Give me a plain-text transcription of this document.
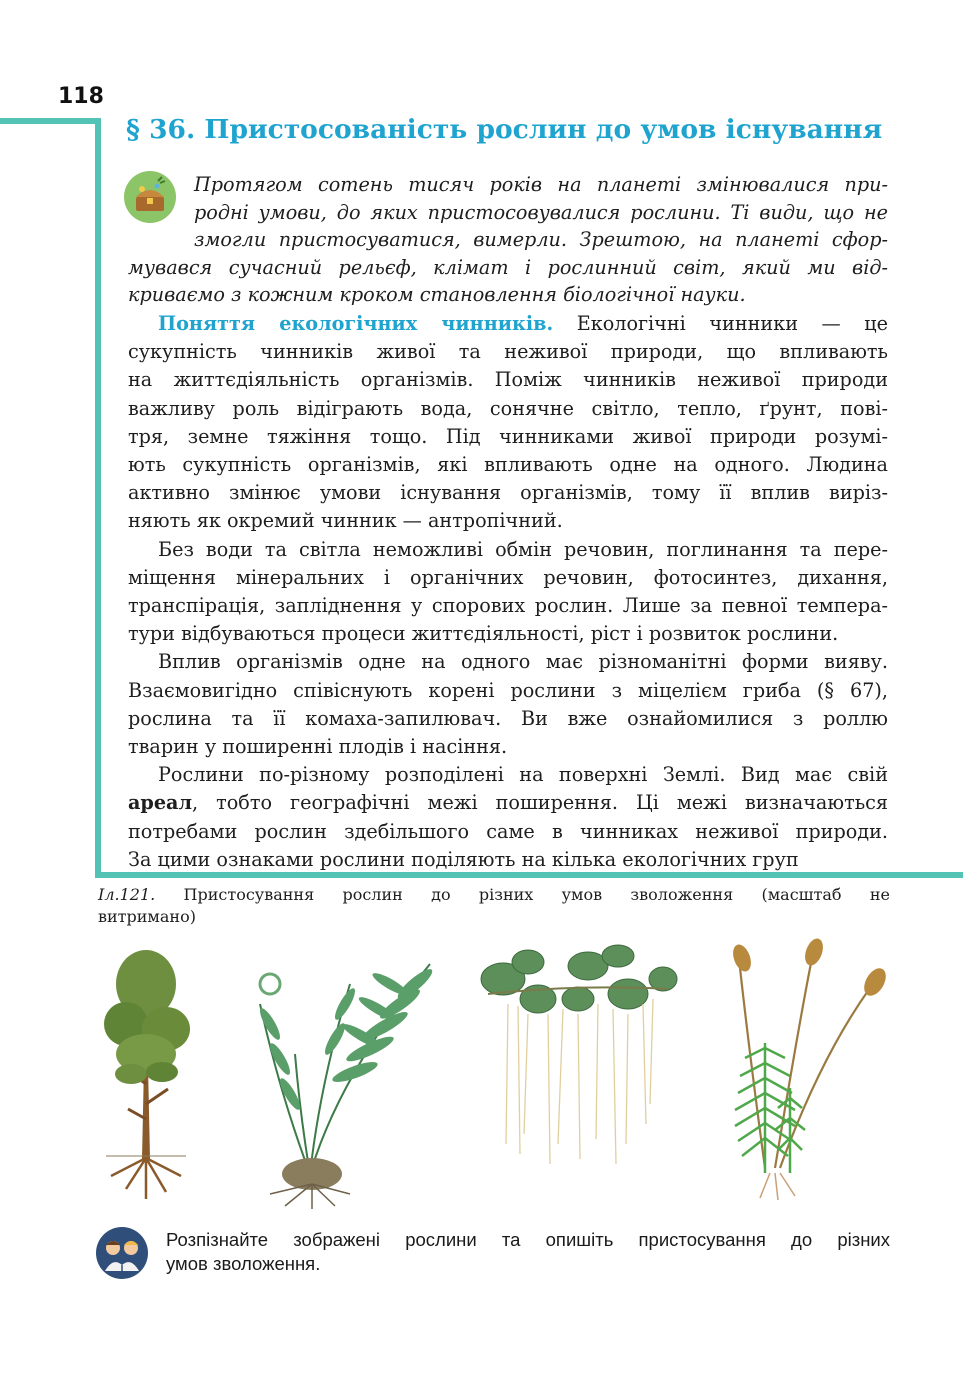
118
§ 36. Пристосованість рослин до умов існування
Протягом сотень тисяч років на планеті змінювалися при-
родні умови, до яких пристосовувалися рослини. Ті види, що не
змогли пристосуватися, вимерли. Зрештою, на планеті сфор-
мувався сучасний рельєф, клімат і рослинний світ, який ми від-
криваємо з кожним кроком становлення біологічної науки.
Поняття екологічних чинників. Екологічні чинники — це
сукупність чинників живої та неживої природи, що впливають
на життєдіяльність організмів. Поміж чинників неживої природи
важливу роль відіграють вода, сонячне світло, тепло, ґрунт, пові-
тря, земне тяжіння тощо. Під чинниками живої природи розумі-
ють сукупність організмів, які впливають одне на одного. Людина
активно змінює умови існування організмів, тому її вплив виріз-
няють як окремий чинник — антропічний.
Без води та світла неможливі обмін речовин, поглинання та пере-
міщення мінеральних і органічних речовин, фотосинтез, дихання,
транспірація, запліднення у спорових рослин. Лише за певної темпера-
тури відбуваються процеси життєдіяльності, ріст і розвиток рослини.
Вплив організмів одне на одного має різноманітні форми вияву.
Взаємовигідно співіснують корені рослини з міцелієм гриба (§ 67),
рослина та її комаха-запилювач. Ви вже ознайомилися з роллю
тварин у поширенні плодів і насіння.
Рослини по-різному розподілені на поверхні Землі. Вид має свій
ареал, тобто географічні межі поширення. Ці межі визначаються
потребами рослин здебільшого саме в чинниках неживої природи.
За цими ознаками рослини поділяють на кілька екологічних груп
Іл.121. Пристосування рослин до різних умов зволоження (масштаб не
витримано)
Розпізнайте зображені рослини та опишіть пристосування до різних
умов зволоження.
